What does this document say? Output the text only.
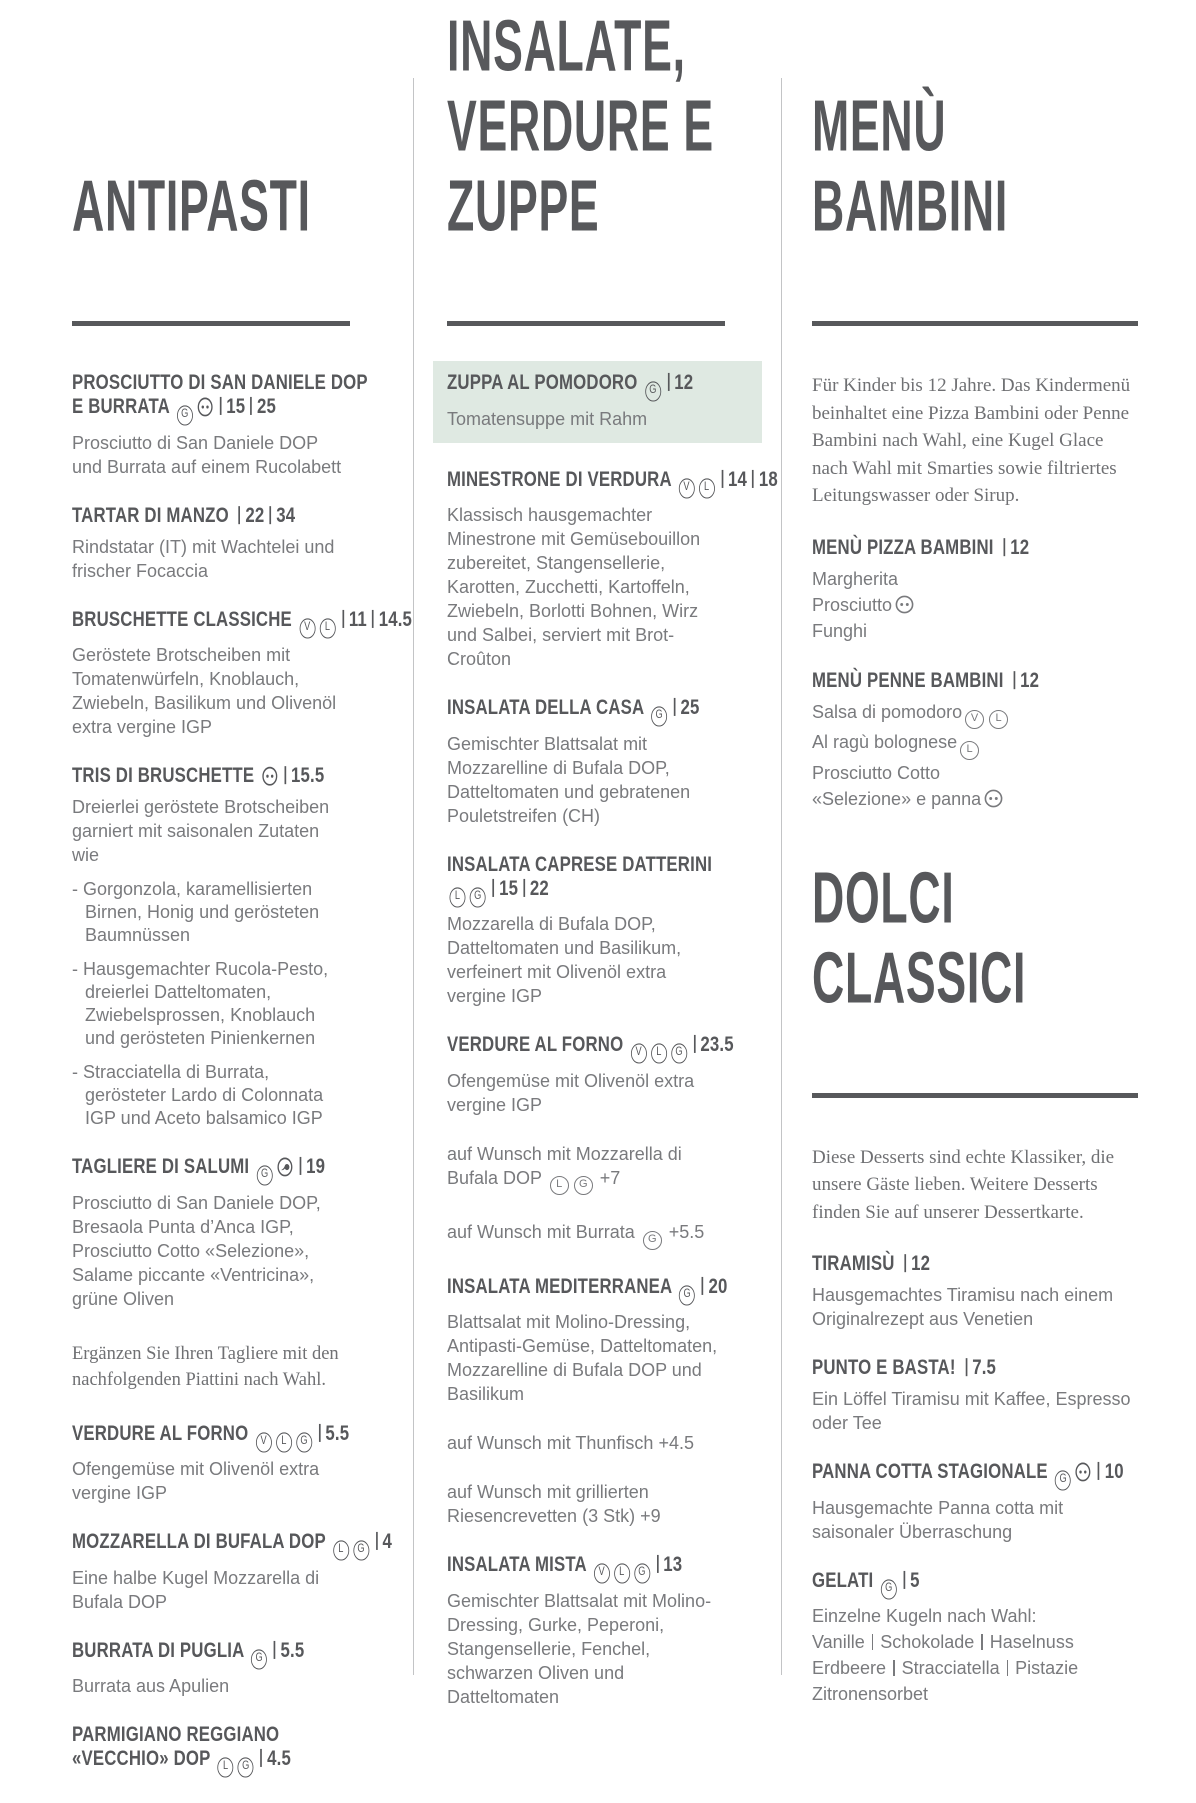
ANTIPASTI
PROSCIUTTO DI SAN DANIELE DOP
E BURRATA G 15 25
Prosciutto di San Daniele DOP und Burrata auf einem Rucolabett
TARTAR DI MANZO 22 34
Rindstatar (IT) mit Wachtelei und frischer Focaccia
BRUSCHETTE CLASSICHE V L 11 14.5
Geröstete Brotscheiben mit Tomatenwürfeln, Knoblauch, Zwiebeln, Basilikum und Olivenöl extra vergine IGP
TRIS DI BRUSCHETTE 15.5
Dreierlei geröstete Brotscheiben garniert mit saisonalen Zutaten wie
- Gorgonzola, karamellisierten Birnen, Honig und gerösteten Baumnüssen
- Hausgemachter Rucola-Pesto, dreierlei Datteltomaten, Zwiebelsprossen, Knoblauch und gerösteten Pinienkernen
- Stracciatella di Burrata, gerösteter Lardo di Colonnata IGP und Aceto balsamico IGP
TAGLIERE DI SALUMI G 19
Prosciutto di San Daniele DOP, Bresaola Punta d’Anca IGP, Prosciutto Cotto «Selezione», Salame piccante «Ventricina», grüne Oliven
Ergänzen Sie Ihren Tagliere mit den nachfolgenden Piattini nach Wahl.
VERDURE AL FORNO V L G 5.5
Ofengemüse mit Olivenöl extra vergine IGP
MOZZARELLA DI BUFALA DOP L G 4
Eine halbe Kugel Mozzarella di Bufala DOP
BURRATA DI PUGLIA G 5.5
Burrata aus Apulien
PARMIGIANO REGGIANO
«VECCHIO» DOP L G 4.5
INSALATE,
VERDURE E
ZUPPE
ZUPPA AL POMODORO G 12
Tomatensuppe mit Rahm
MINESTRONE DI VERDURA V L 14 18
Klassisch hausgemachter Minestrone mit Gemüsebouillon zubereitet, Stangensellerie, Karotten, Zucchetti, Kartoffeln, Zwiebeln, Borlotti Bohnen, Wirz und Salbei, serviert mit Brot-Croûton
INSALATA DELLA CASA G 25
Gemischter Blattsalat mit Mozzarelline di Bufala DOP, Datteltomaten und gebratenen Pouletstreifen (CH)
INSALATA CAPRESE DATTERINI
L G 15 22
Mozzarella di Bufala DOP, Datteltomaten und Basilikum, verfeinert mit Olivenöl extra vergine IGP
VERDURE AL FORNO V L G 23.5
Ofengemüse mit Olivenöl extra vergine IGP
auf Wunsch mit Mozzarella di Bufala DOP L G +7
auf Wunsch mit Burrata G +5.5
INSALATA MEDITERRANEA G 20
Blattsalat mit Molino-Dressing, Antipasti-Gemüse, Datteltomaten, Mozzarelline di Bufala DOP und Basilikum
auf Wunsch mit Thunfisch +4.5
auf Wunsch mit grillierten Riesencrevetten (3 Stk) +9
INSALATA MISTA V L G 13
Gemischter Blattsalat mit Molino-Dressing, Gurke, Peperoni, Stangensellerie, Fenchel, schwarzen Oliven und Datteltomaten
MENÙ
BAMBINI
Für Kinder bis 12 Jahre. Das Kindermenü beinhaltet eine Pizza Bambini oder Penne Bambini nach Wahl, eine Kugel Glace nach Wahl mit Smarties sowie filtriertes Leitungswasser oder Sirup.
MENÙ PIZZA BAMBINI 12
Margherita
Prosciutto
Funghi
MENÙ PENNE BAMBINI 12
Salsa di pomodoro V L
Al ragù bolognese L
Prosciutto Cotto
«Selezione» e panna
DOLCI
CLASSICI
Diese Desserts sind echte Klassiker, die unsere Gäste lieben. Weitere Desserts finden Sie auf unserer Dessertkarte.
TIRAMISÙ 12
Hausgemachtes Tiramisu nach einem Originalrezept aus Venetien
PUNTO E BASTA! 7.5
Ein Löffel Tiramisu mit Kaffee, Espresso oder Tee
PANNA COTTA STAGIONALE G 10
Hausgemachte Panna cotta mit saisonaler Überraschung
GELATI G 5
Einzelne Kugeln nach Wahl:
Vanille Schokolade Haselnuss
Erdbeere Stracciatella Pistazie
Zitronensorbet
